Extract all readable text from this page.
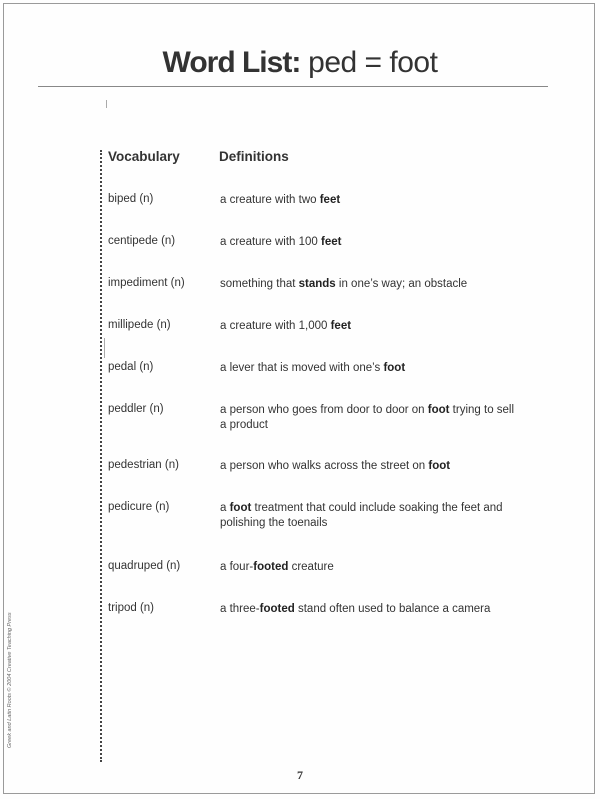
Word List: ped = foot
Vocabulary	Definitions
biped (n)	a creature with two feet
centipede (n)	a creature with 100 feet
impediment (n)	something that stands in one’s way; an obstacle
millipede (n)	a creature with 1,000 feet
pedal (n)	a lever that is moved with one’s foot
peddler (n)	a person who goes from door to door on foot trying to sell a product
pedestrian (n)	a person who walks across the street on foot
pedicure (n)	a foot treatment that could include soaking the feet and polishing the toenails
quadruped (n)	a four-footed creature
tripod (n)	a three-footed stand often used to balance a camera
Greek and Latin Roots © 2004 Creative Teaching Press
7
